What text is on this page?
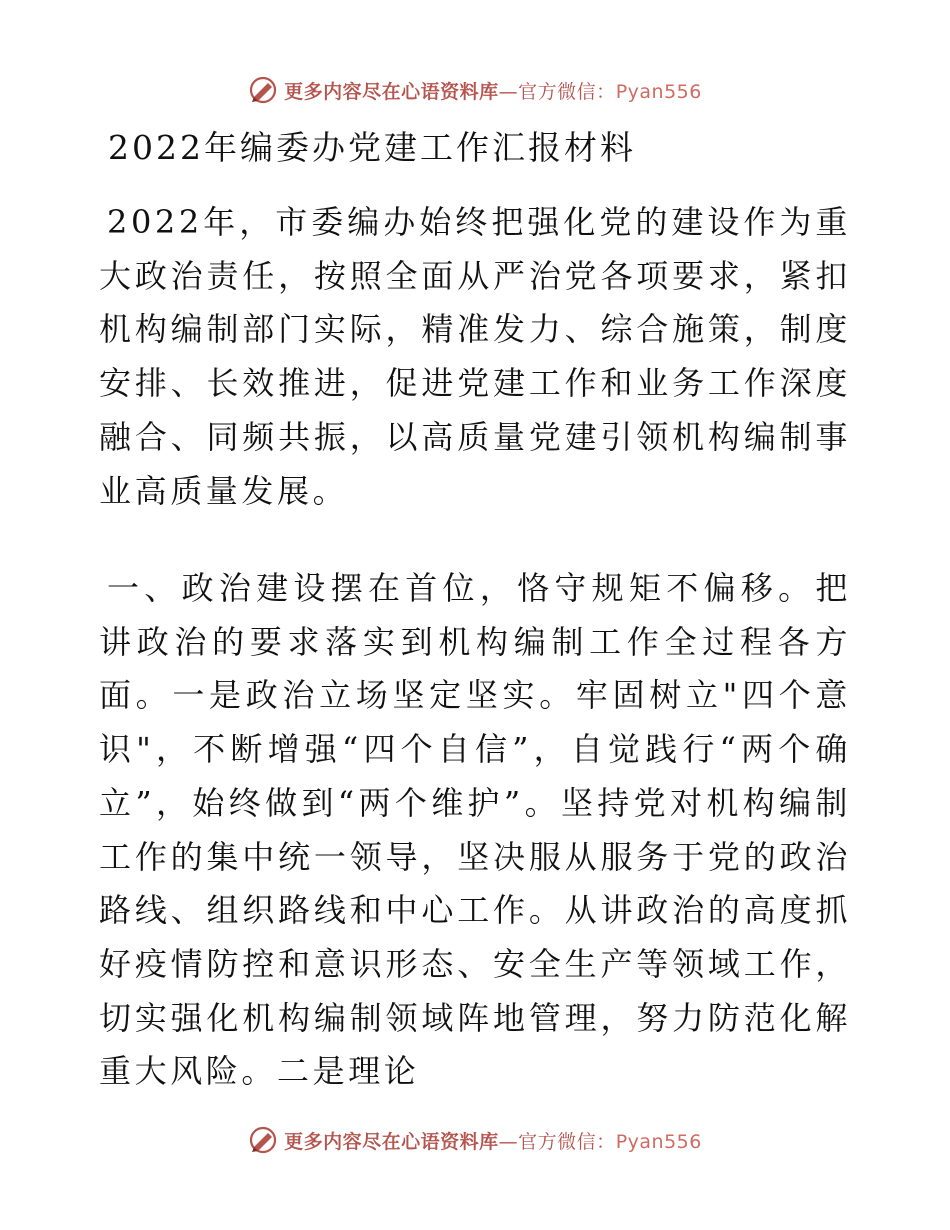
更多内容尽在心语资料库—官方微信：Pyan556
2022年编委办党建工作汇报材料

2022年，市委编办始终把强化党的建设作为重大政治责任，按照全面从严治党各项要求，紧扣机构编制部门实际，精准发力、综合施策，制度安排、长效推进，促进党建工作和业务工作深度融合、同频共振，以高质量党建引领机构编制事业高质量发展。

一、政治建设摆在首位，恪守规矩不偏移。把讲政治的要求落实到机构编制工作全过程各方面。一是政治立场坚定坚实。牢固树立"四个意识"，不断增强“四个自信”，自觉践行“两个确立”，始终做到“两个维护”。坚持党对机构编制工作的集中统一领导，坚决服从服务于党的政治路线、组织路线和中心工作。从讲政治的高度抓好疫情防控和意识形态、安全生产等领域工作，切实强化机构编制领域阵地管理，努力防范化解重大风险。二是理论

更多内容尽在心语资料库—官方微信：Pyan556
